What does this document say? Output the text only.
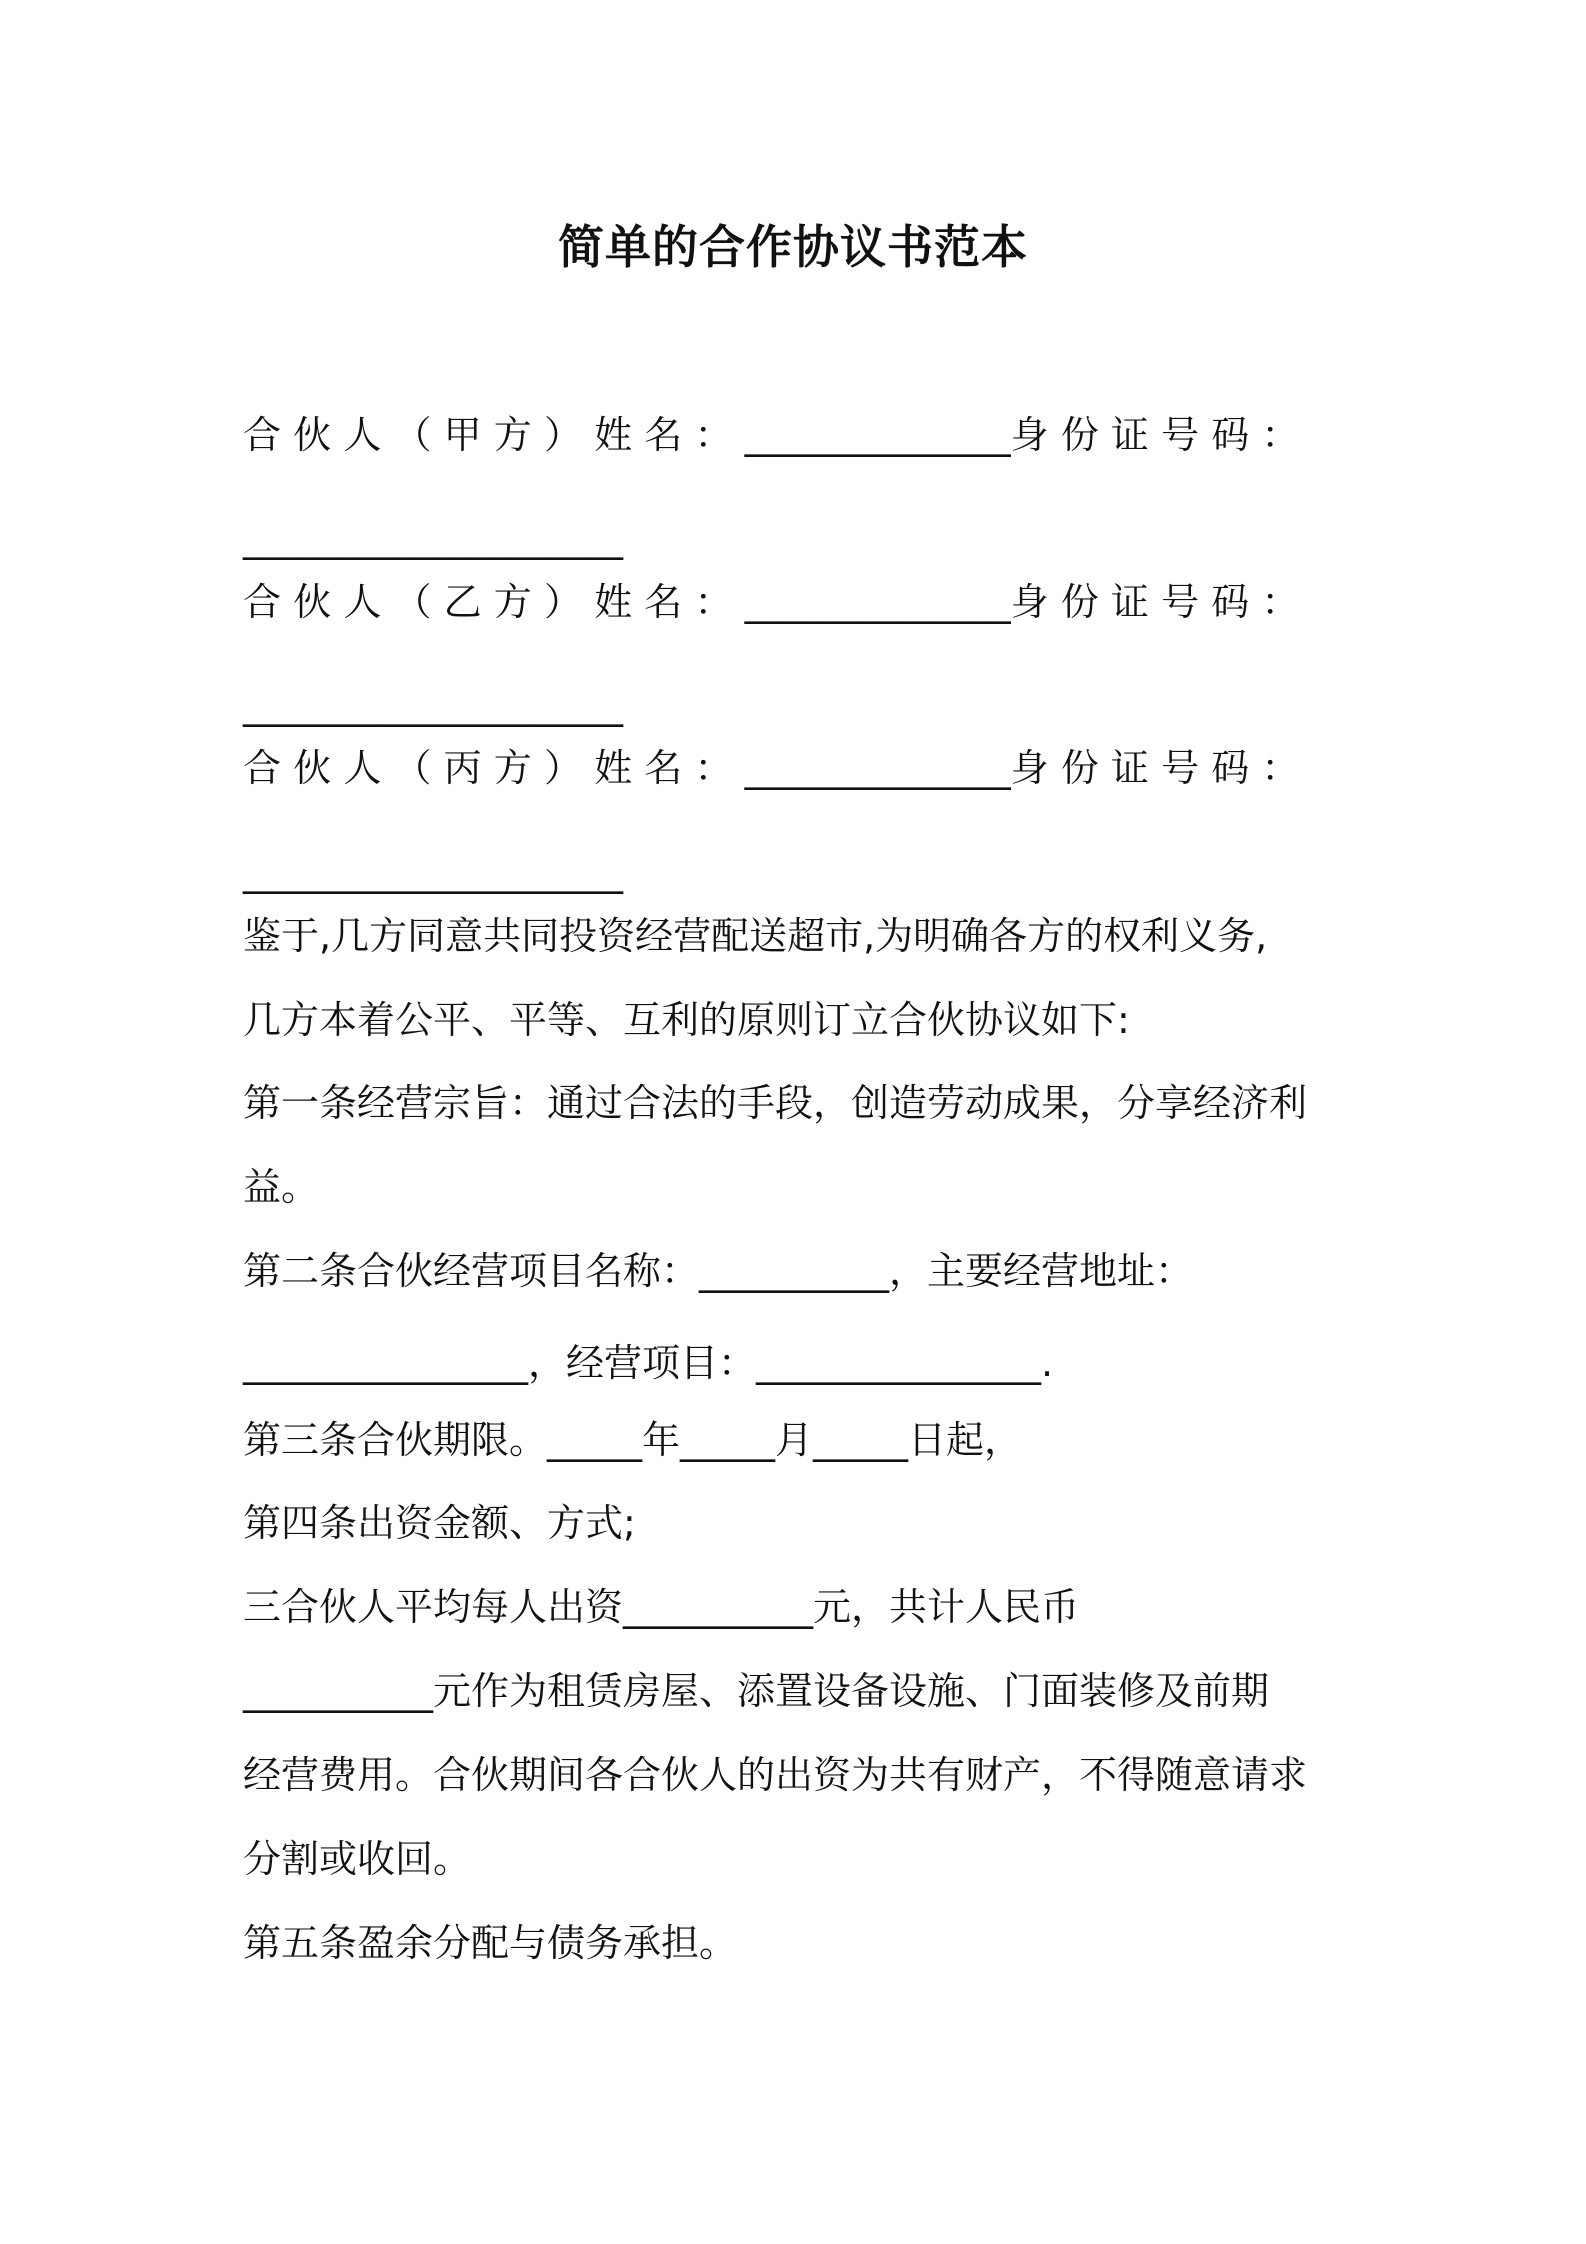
简单的合作协议书范本
合伙人（甲方）姓名：______________身份证号码：
____________________
合伙人（乙方）姓名：______________身份证号码：
____________________
合伙人（丙方）姓名：______________身份证号码：
____________________
鉴于,几方同意共同投资经营配送超市,为明确各方的权利义务,
几方本着公平、平等、互利的原则订立合伙协议如下:
第一条经营宗旨：通过合法的手段，创造劳动成果，分享经济利
益。
第二条合伙经营项目名称：__________，主要经营地址：
_______________，经营项目：_______________.
第三条合伙期限。_____年_____月_____日起，
第四条出资金额、方式;
三合伙人平均每人出资__________元，共计人民币
__________元作为租赁房屋、添置设备设施、门面装修及前期
经营费用。合伙期间各合伙人的出资为共有财产，不得随意请求
分割或收回。
第五条盈余分配与债务承担。
